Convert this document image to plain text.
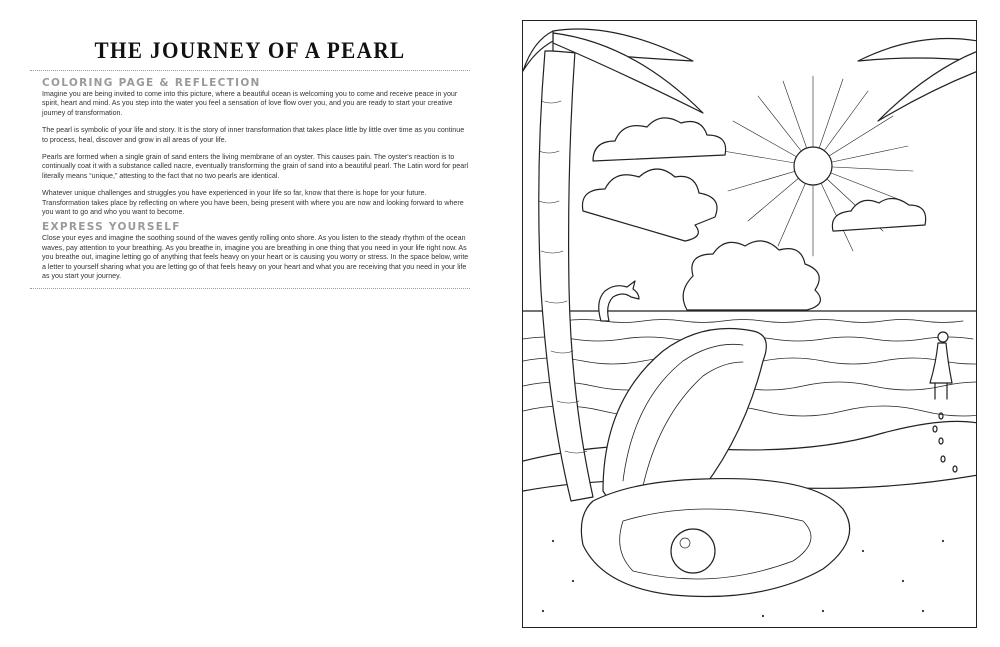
THE JOURNEY OF A PEARL
COLORING PAGE & REFLECTION

Imagine you are being invited to come into this picture, where a beautiful ocean is welcoming you to come and receive peace in your spirit, heart and mind. As you step into the water you feel a sensation of love flow over you, and you are ready to start your creative journey of transformation.

The pearl is symbolic of your life and story. It is the story of inner transformation that takes place little by little over time as you continue to process, heal, discover and grow in all areas of your life.

Pearls are formed when a single grain of sand enters the living membrane of an oyster. This causes pain. The oyster's reaction is to continually coat it with a substance called nacre, eventually transforming the grain of sand into a beautiful pearl. The Latin word for pearl literally means “unique,” attesting to the fact that no two pearls are identical.

Whatever unique challenges and struggles you have experienced in your life so far, know that there is hope for your future. Transformation takes place by reflecting on where you have been, being present with where you are now and looking forward to where you want to go and who you want to become.

EXPRESS YOURSELF

Close your eyes and imagine the soothing sound of the waves gently rolling onto shore. As you listen to the steady rhythm of the ocean waves, pay attention to your breathing. As you breathe in, imagine you are breathing in one thing that you need in your life right now. As you breathe out, imagine letting go of anything that feels heavy on your heart or is causing you worry or stress. In the space below, write a letter to yourself sharing what you are letting go of that feels heavy on your heart and what you are receiving that you need in your life as you start your journey.
